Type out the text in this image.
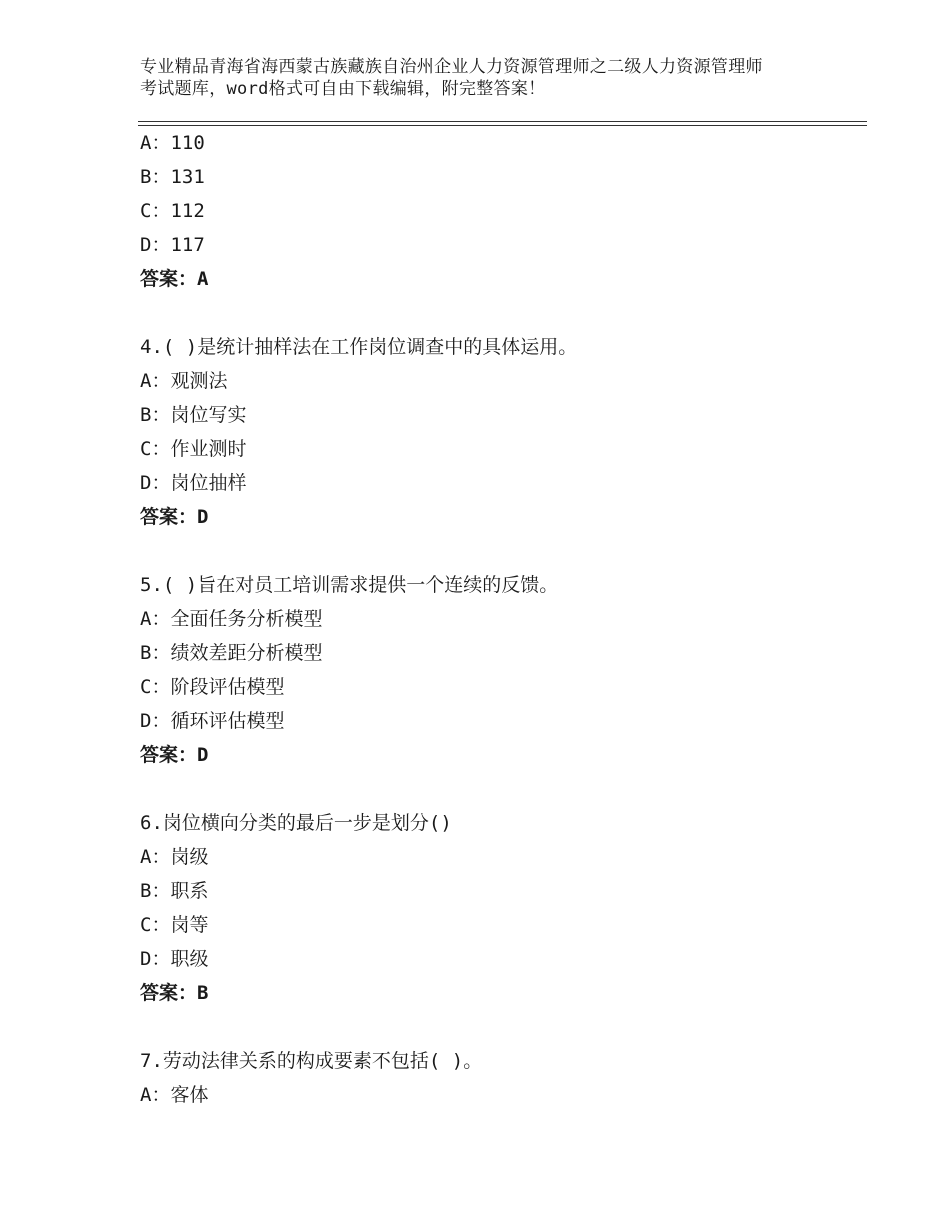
专业精品青海省海西蒙古族藏族自治州企业人力资源管理师之二级人力资源管理师
考试题库，word格式可自由下载编辑，附完整答案！
A：110
B：131
C：112
D：117
答案：A
4.( )是统计抽样法在工作岗位调查中的具体运用。
A：观测法
B：岗位写实
C：作业测时
D：岗位抽样
答案：D
5.( )旨在对员工培训需求提供一个连续的反馈。
A：全面任务分析模型
B：绩效差距分析模型
C：阶段评估模型
D：循环评估模型
答案：D
6.岗位横向分类的最后一步是划分()
A：岗级
B：职系
C：岗等
D：职级
答案：B
7.劳动法律关系的构成要素不包括( )。
A：客体
